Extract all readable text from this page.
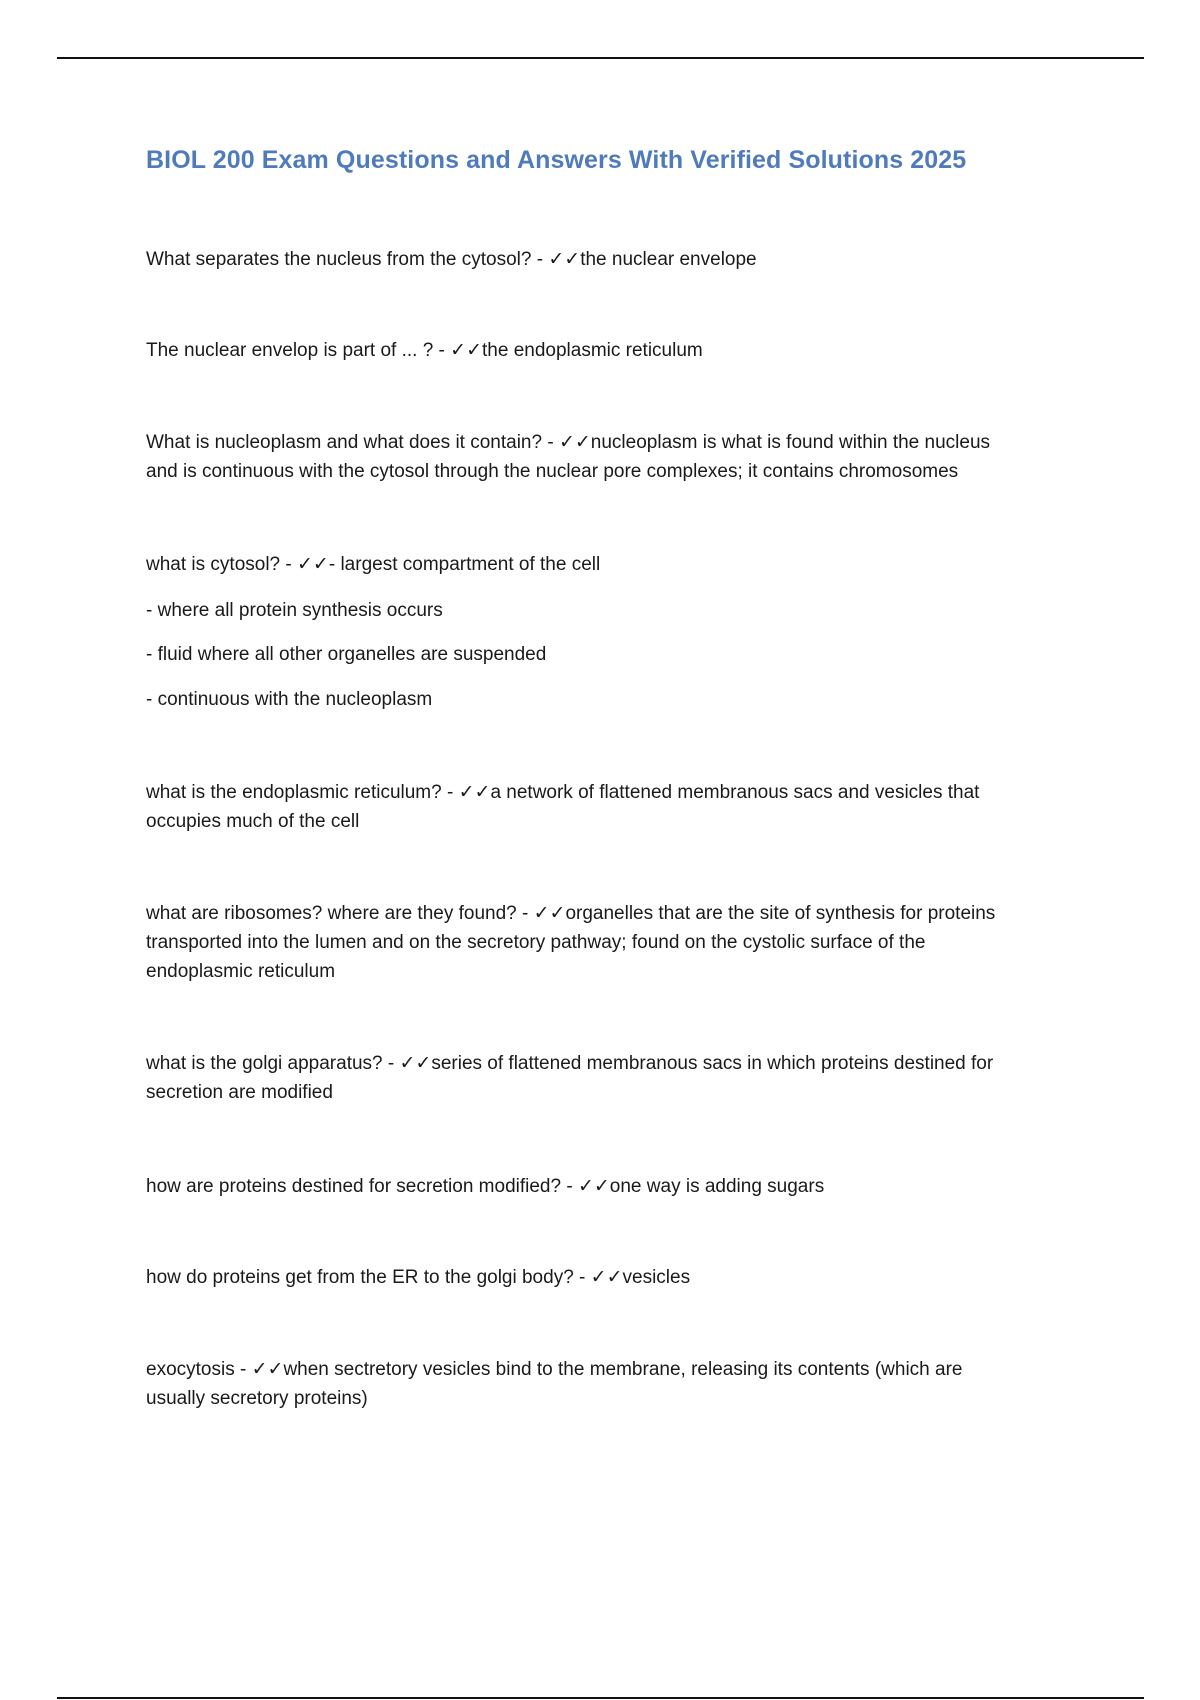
BIOL 200 Exam Questions and Answers With Verified Solutions 2025
What separates the nucleus from the cytosol? - ✓✓the nuclear envelope
The nuclear envelop is part of ... ? - ✓✓the endoplasmic reticulum
What is nucleoplasm and what does it contain? - ✓✓nucleoplasm is what is found within the nucleus
and is continuous with the cytosol through the nuclear pore complexes; it contains chromosomes
what is cytosol? - ✓✓- largest compartment of the cell
- where all protein synthesis occurs
- fluid where all other organelles are suspended
- continuous with the nucleoplasm
what is the endoplasmic reticulum? - ✓✓a network of flattened membranous sacs and vesicles that
occupies much of the cell
what are ribosomes? where are they found? - ✓✓organelles that are the site of synthesis for proteins
transported into the lumen and on the secretory pathway; found on the cystolic surface of the
endoplasmic reticulum
what is the golgi apparatus? - ✓✓series of flattened membranous sacs in which proteins destined for
secretion are modified
how are proteins destined for secretion modified? - ✓✓one way is adding sugars
how do proteins get from the ER to the golgi body? - ✓✓vesicles
exocytosis - ✓✓when sectretory vesicles bind to the membrane, releasing its contents (which are
usually secretory proteins)
